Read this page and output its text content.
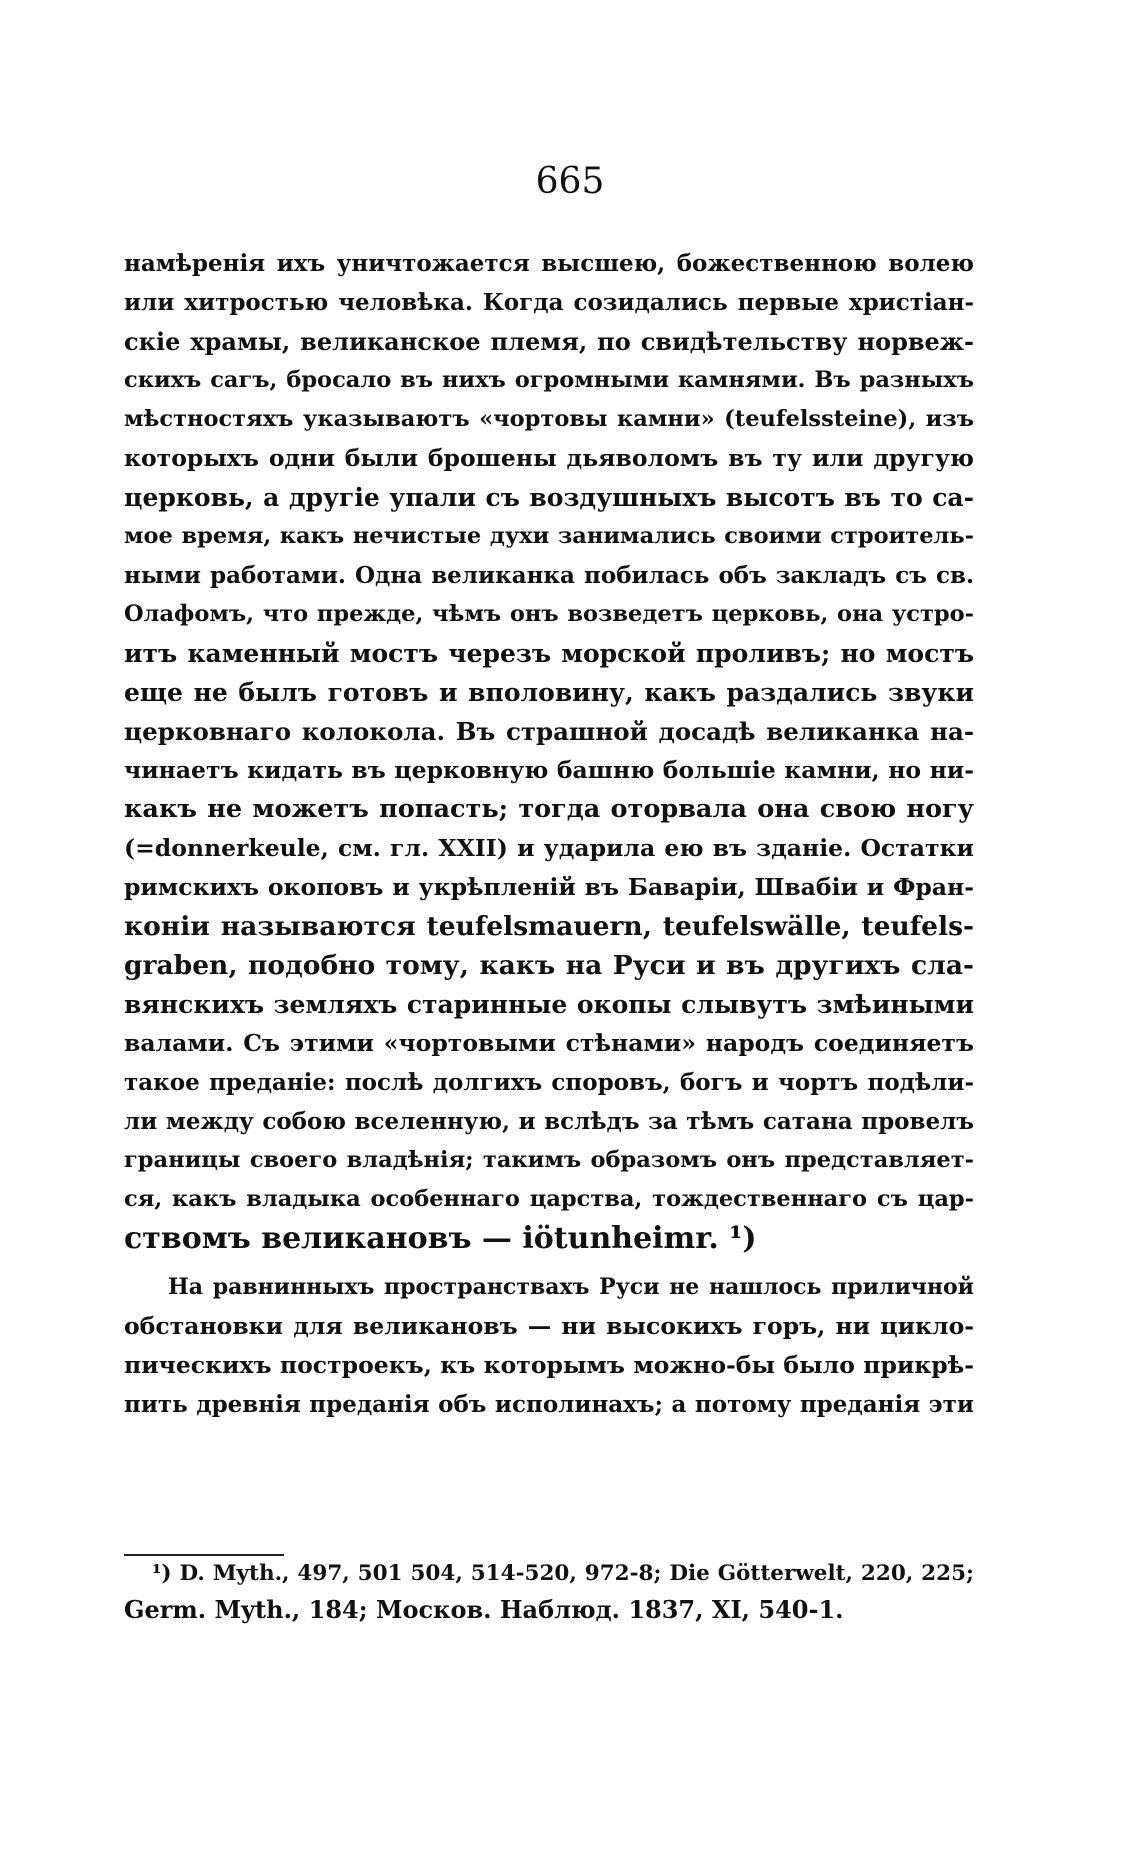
665
намѣренія ихъ уничтожается высшею, божественною волею
или хитростью человѣка. Когда созидались первые христіан-
скіе храмы, великанское племя, по свидѣтельству норвеж-
скихъ сагъ, бросало въ нихъ огромными камнями. Въ разныхъ
мѣстностяхъ указываютъ «чортовы камни» (teufelssteine), изъ
которыхъ одни были брошены дьяволомъ въ ту или другую
церковь, а другіе упали съ воздушныхъ высотъ въ то са-
мое время, какъ нечистые духи занимались своими строитель-
ными работами. Одна великанка побилась объ закладъ съ св.
Олафомъ, что прежде, чѣмъ онъ возведетъ церковь, она устро-
итъ каменный мостъ черезъ морской проливъ; но мостъ
еще не былъ готовъ и вполовину, какъ раздались звуки
церковнаго колокола. Въ страшной досадѣ великанка на-
чинаетъ кидать въ церковную башню большіе камни, но ни-
какъ не можетъ попасть; тогда оторвала она свою ногу
(=donnerkeule, см. гл. XXII) и ударила ею въ зданіе. Остатки
римскихъ окоповъ и укрѣпленій въ Баваріи, Швабіи и Фран-
коніи называются teufelsmauern, teufelswälle, teufels-
graben, подобно тому, какъ на Руси и въ другихъ сла-
вянскихъ земляхъ старинные окопы слывутъ змѣиными
валами. Съ этими «чортовыми стѣнами» народъ соединяетъ
такое преданіе: послѣ долгихъ споровъ, богъ и чортъ подѣли-
ли между собою вселенную, и вслѣдъ за тѣмъ сатана провелъ
границы своего владѣнія; такимъ образомъ онъ представляет-
ся, какъ владыка особеннаго царства, тождественнаго съ цар-
ствомъ великановъ — iötunheimr. ¹)
На равнинныхъ пространствахъ Руси не нашлось приличной
обстановки для великановъ — ни высокихъ горъ, ни цикло-
пическихъ построекъ, къ которымъ можно-бы было прикрѣ-
пить древнія преданія объ исполинахъ; а потому преданія эти
¹) D. Myth., 497, 501 504, 514-520, 972-8; Die Götterwelt, 220, 225;
Germ. Myth., 184; Москов. Наблюд. 1837, XI, 540-1.
